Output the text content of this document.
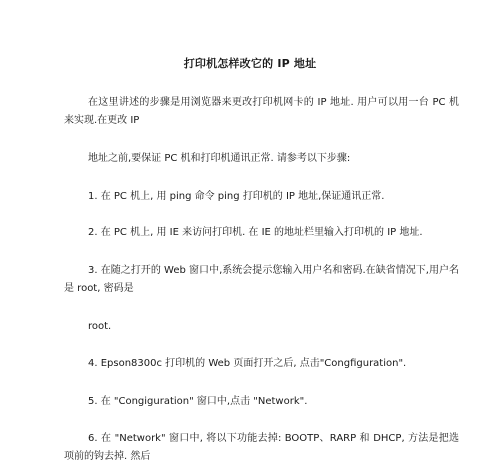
打印机怎样改它的 IP 地址
在这里讲述的步骤是用浏览器来更改打印机网卡的 IP 地址. 用户可以用一台 PC 机来实现.在更改 IP
地址之前,要保证 PC 机和打印机通讯正常. 请参考以下步骤:
1. 在 PC 机上, 用 ping 命令 ping 打印机的 IP 地址,保证通讯正常.
2. 在 PC 机上, 用 IE 来访问打印机. 在 IE 的地址栏里输入打印机的 IP 地址.
3. 在随之打开的 Web 窗口中,系统会提示您输入用户名和密码.在缺省情况下,用户名是 root, 密码是
root.
4. Epson8300c 打印机的 Web 页面打开之后, 点击"Congfiguration".
5. 在 "Congiguration" 窗口中,点击 "Network".
6. 在 "Network" 窗口中, 将以下功能去掉: BOOTP、RARP 和 DHCP, 方法是把选项前的钩去掉. 然后
